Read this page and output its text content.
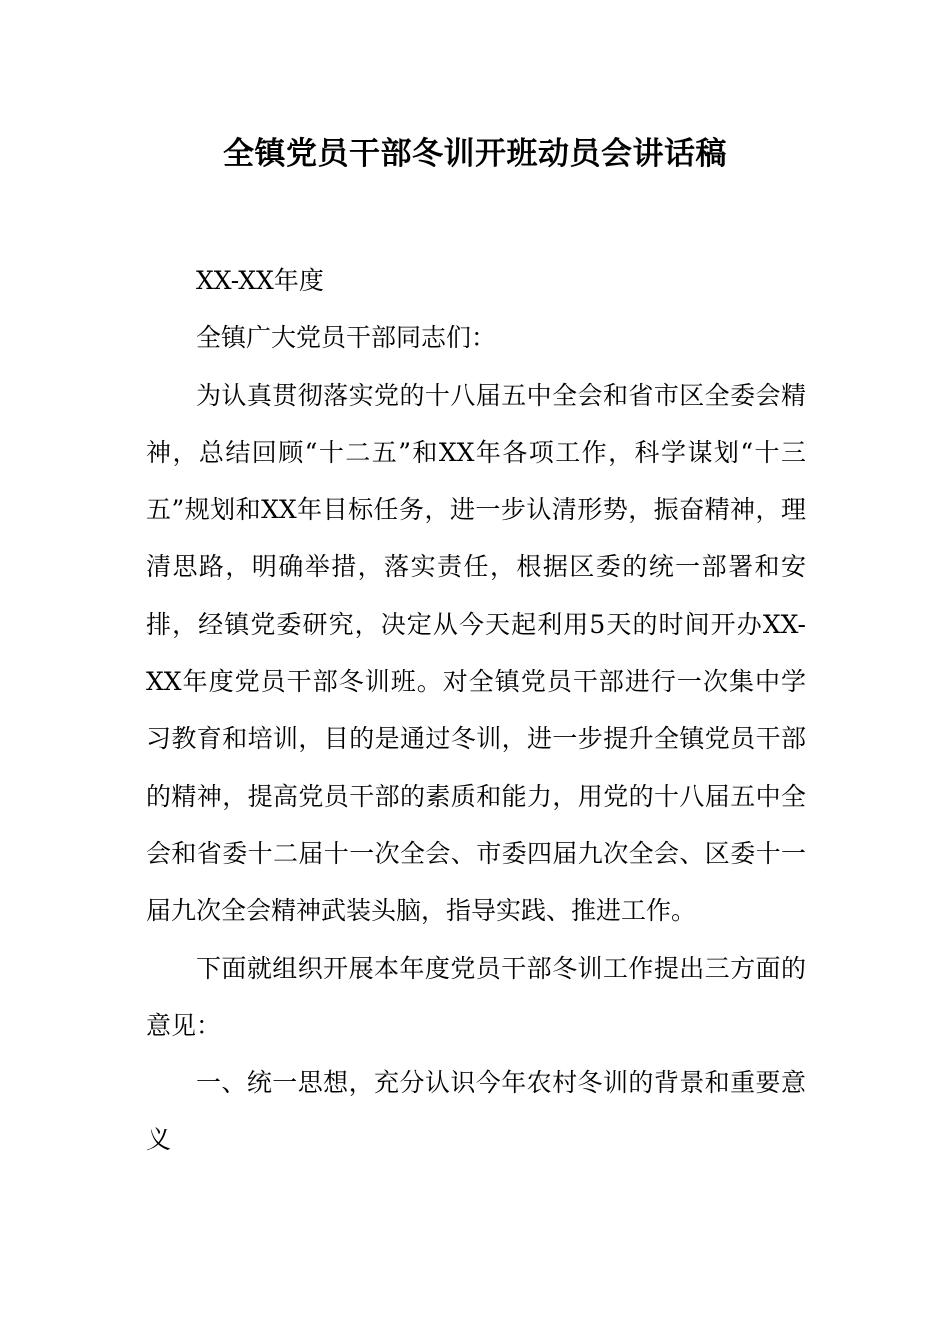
全镇党员干部冬训开班动员会讲话稿

XX-XX年度

全镇广大党员干部同志们：

为认真贯彻落实党的十八届五中全会和省市区全委会精神，总结回顾“十二五”和XX年各项工作，科学谋划“十三五”规划和XX年目标任务，进一步认清形势，振奋精神，理清思路，明确举措，落实责任，根据区委的统一部署和安排，经镇党委研究，决定从今天起利用5天的时间开办XX-XX年度党员干部冬训班。对全镇党员干部进行一次集中学习教育和培训，目的是通过冬训，进一步提升全镇党员干部的精神，提高党员干部的素质和能力，用党的十八届五中全会和省委十二届十一次全会、市委四届九次全会、区委十一届九次全会精神武装头脑，指导实践、推进工作。

下面就组织开展本年度党员干部冬训工作提出三方面的意见：

一、统一思想，充分认识今年农村冬训的背景和重要意义
